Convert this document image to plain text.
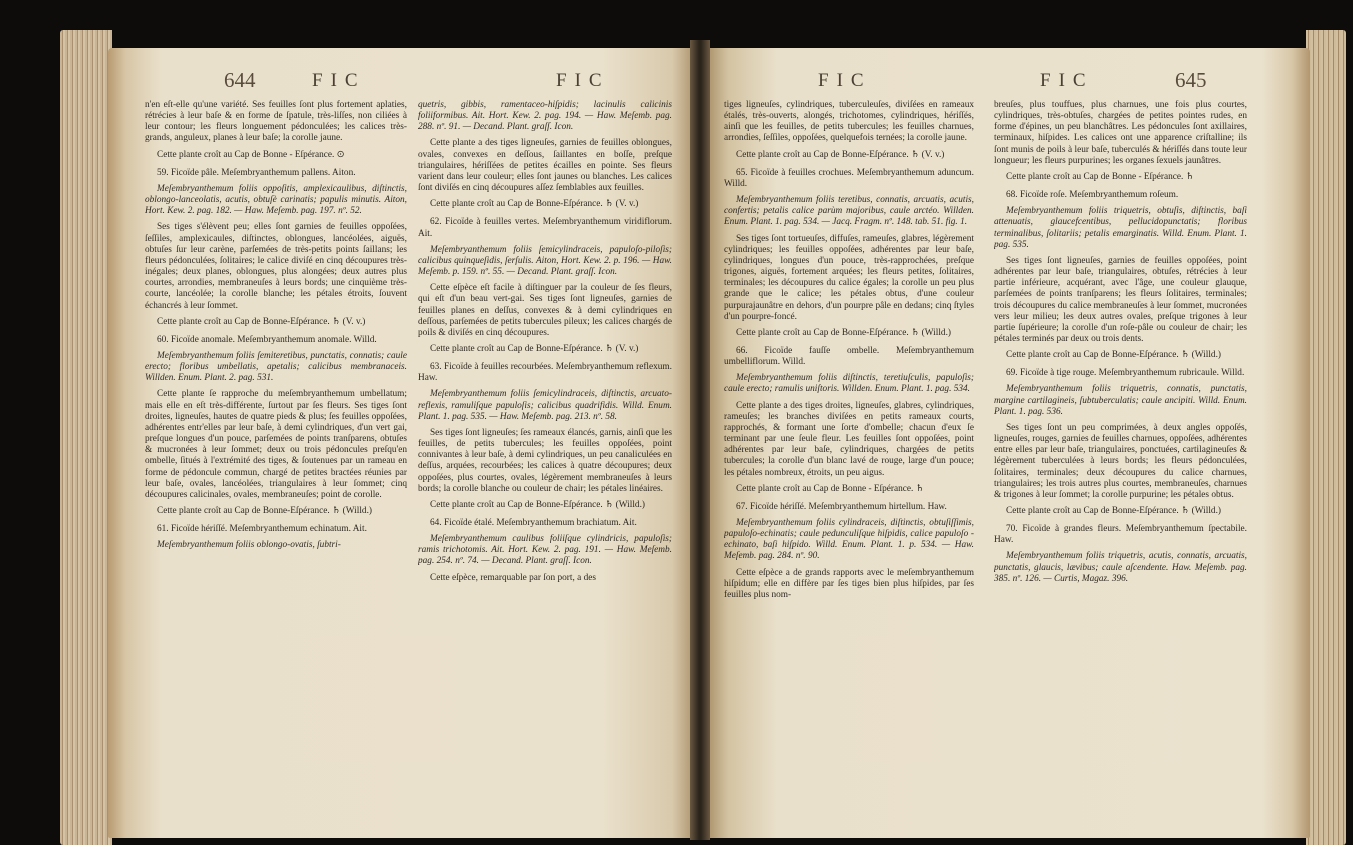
644	FIC	FIC	FIC	FIC	645

n'en eſt-elle qu'une variété. Ses feuilles ſont plus fortement aplaties, rétrécies à leur baſe & en forme de ſpatule, très-liſſes, non ciliées à leur contour; les fleurs longuement pédonculées; les calices très-grands, anguleux, planes à leur baſe; la corolle jaune.

Cette plante croît au Cap de Bonne - Eſpérance. ⊙

59. Ficoïde pâle. Meſembryanthemum pallens. Aiton.

Meſembryanthemum foliis oppoſitis, amplexicaulibus, diſtinctis, oblongo-lanceolatis, acutis, obtuſè carinatis; papulis minutis. Aiton, Hort. Kew. 2. pag. 182. — Haw. Meſemb. pag. 197. nº. 52.

Ses tiges s'élèvent peu; elles ſont garnies de feuilles oppoſées, ſeſſiles, amplexicaules, diſtinctes, oblongues, lancéolées, aiguës, obtuſes ſur leur carène, parſemées de très-petits points ſaillans; les fleurs pédonculées, ſolitaires; le calice diviſé en cinq découpures très-inégales; deux planes, oblongues, plus alongées; deux autres plus courtes, arrondies, membraneuſes à leurs bords; une cinquième très-courte, lancéolée; la corolle blanche; les pétales étroits, ſouvent échancrés à leur ſommet.

Cette plante croît au Cap de Bonne-Eſpérance. ♄ (V. v.)

60. Ficoïde anomale. Meſembryanthemum anomale. Willd.

Meſembryanthemum foliis ſemiteretibus, punctatis, connatis; caule erecto; floribus umbellatis, apetalis; calicibus membranaceis. Willden. Enum. Plant. 2. pag. 531.

Cette plante ſe rapproche du meſembryanthemum umbellatum; mais elle en eſt très-différente, ſurtout par ſes fleurs. Ses tiges ſont droites, ligneuſes, hautes de quatre pieds & plus; ſes feuilles oppoſées, adhérentes entr'elles par leur baſe, à demi cylindriques, d'un vert gai, preſque longues d'un pouce, parſemées de points tranſparens, obtuſes & mucronées à leur ſommet; deux ou trois pédoncules preſqu'en ombelle, ſitués à l'extrémité des tiges, & ſoutenues par un rameau en forme de pédoncule commun, chargé de petites bractées réunies par leur baſe, ovales, lancéolées, triangulaires à leur ſommet; cinq découpures calicinales, ovales, membraneuſes; point de corolle.

Cette plante croît au Cap de Bonne-Eſpérance. ♄ (Willd.)

61. Ficoïde hériſſé. Meſembryanthemum echinatum. Ait.

Meſembryanthemum foliis oblongo-ovatis, ſubtri-

quetris, gibbis, ramentaceo-hiſpidis; lacinulis calicinis foliiformibus. Ait. Hort. Kew. 2. pag. 194. — Haw. Meſemb. pag. 288. nº. 91. — Decand. Plant. graſſ. Icon.

Cette plante a des tiges ligneuſes, garnies de feuilles oblongues, ovales, convexes en deſſous, ſaillantes en boſſe, preſque triangulaires, hériſſées de petites écailles en pointe. Ses fleurs varient dans leur couleur; elles ſont jaunes ou blanches. Les calices ſont diviſés en cinq découpures aſſez ſemblables aux feuilles.

Cette plante croît au Cap de Bonne-Eſpérance. ♄ (V. v.)

62. Ficoïde à feuilles vertes. Meſembryanthemum viridiflorum. Ait.

Meſembryanthemum foliis ſemicylindraceis, papuloſo-piloſis; calicibus quinqueſidis, ſerſulis. Aiton, Hort. Kew. 2. p. 196. — Haw. Meſemb. p. 159. nº. 55. — Decand. Plant. graſſ. Icon.

Cette eſpèce eſt facile à diſtinguer par la couleur de ſes fleurs, qui eſt d'un beau vert-gai. Ses tiges ſont ligneuſes, garnies de feuilles planes en deſſus, convexes & à demi cylindriques en deſſous, parſemées de petits tubercules pileux; les calices chargés de poils & diviſés en cinq découpures.

Cette plante croît au Cap de Bonne-Eſpérance. ♄ (V. v.)

63. Ficoïde à feuilles recourbées. Meſembryanthemum reflexum. Haw.

Meſembryanthemum foliis ſemicylindraceis, diſtinctis, arcuato-reflexis, ramuliſque papuloſis; calicibus quadrifidis. Willd. Enum. Plant. 1. pag. 535. — Haw. Meſemb. pag. 213. nº. 58.

Ses tiges ſont ligneuſes; ſes rameaux élancés, garnis, ainſi que les feuilles, de petits tubercules; les feuilles oppoſées, point connivantes à leur baſe, à demi cylindriques, un peu canaliculées en deſſus, arquées, recourbées; les calices à quatre découpures; deux oppoſées, plus courtes, ovales, légèrement membraneuſes à leurs bords; la corolle blanche ou couleur de chair; les pétales linéaires.

Cette plante croît au Cap de Bonne-Eſpérance. ♄ (Willd.)

64. Ficoïde étalé. Meſembryanthemum brachiatum. Ait.

Meſembryanthemum caulibus foliiſque cylindricis, papuloſis; ramis trichotomis. Ait. Hort. Kew. 2. pag. 191. — Haw. Meſemb. pag. 254. nº. 74. — Decand. Plant. graſſ. Icon.

Cette eſpèce, remarquable par ſon port, a des

tiges ligneuſes, cylindriques, tuberculeuſes, diviſées en rameaux étalés, très-ouverts, alongés, trichotomes, cylindriques, hériſſés, ainſi que les feuilles, de petits tubercules; les feuilles charnues, arrondies, ſeſſiles, oppoſées, quelquefois ternées; la corolle jaune.

Cette plante croît au Cap de Bonne-Eſpérance. ♄ (V. v.)

65. Ficoïde à feuilles crochues. Meſembryanthemum aduncum. Willd.

Meſembryanthemum foliis teretibus, connatis, arcuatis, acutis, confertis; petalis calice parùm majoribus, caule arctéo. Willden. Enum. Plant. 1. pag. 534. — Jacq. Fragm. nº. 148. tab. 51. fig. 1.

Ses tiges ſont tortueuſes, diffuſes, rameuſes, glabres, légèrement cylindriques; les feuilles oppoſées, adhérentes par leur baſe, cylindriques, longues d'un pouce, très-rapprochées, preſque trigones, aiguës, fortement arquées; les fleurs petites, ſolitaires, terminales; les découpures du calice égales; la corolle un peu plus grande que le calice; les pétales obtus, d'une couleur purpurajaunâtre en dehors, d'un pourpre pâle en dedans; cinq ſtyles d'un pourpre-foncé.

Cette plante croît au Cap de Bonne-Eſpérance. ♄ (Willd.)

66. Ficoïde fauſſe ombelle. Meſembryanthemum umbelliflorum. Willd.

Meſembryanthemum foliis diſtinctis, teretiuſculis, papuloſis; caule erecto; ramulis uniſtoris. Willden. Enum. Plant. 1. pag. 534.

Cette plante a des tiges droites, ligneuſes, glabres, cylindriques, rameuſes; les branches diviſées en petits rameaux courts, rapprochés, & formant une ſorte d'ombelle; chacun d'eux ſe terminant par une ſeule fleur. Les feuilles ſont oppoſées, point adhérentes par leur baſe, cylindriques, chargées de petits tubercules; la corolle d'un blanc lavé de rouge, large d'un pouce; les pétales nombreux, étroits, un peu aigus.

Cette plante croît au Cap de Bonne - Eſpérance. ♄

67. Ficoïde hériſſé. Meſembryanthemum hirtellum. Haw.

Meſembryanthemum foliis cylindraceis, diſtinctis, obtuſiſſimis, papuloſo-echinatis; caule pedunculiſque hiſpidis, calice papuloſo - echinato, baſi hiſpido. Willd. Enum. Plant. 1. p. 534. — Haw. Meſemb. pag. 284. nº. 90.

Cette eſpèce a de grands rapports avec le meſembryanthemum hiſpidum; elle en diffère par ſes tiges bien plus hiſpides, par ſes feuilles plus nom-

breuſes, plus touffues, plus charnues, une fois plus courtes, cylindriques, très-obtuſes, chargées de petites pointes rudes, en forme d'épines, un peu blanchâtres. Les pédoncules ſont axillaires, terminaux, hiſpides. Les calices ont une apparence criſtalline; ils ſont munis de poils à leur baſe, tuberculés & hériſſés dans toute leur longueur; les fleurs purpurines; les organes ſexuels jaunâtres.

Cette plante croît au Cap de Bonne - Eſpérance. ♄

68. Ficoïde roſe. Meſembryanthemum roſeum.

Meſembryanthemum foliis triquetris, obtuſis, diſtinctis, baſi attenuatis, glaucefcentibus, pellucidopunctatis; floribus terminalibus, ſolitariis; petalis emarginatis. Willd. Enum. Plant. 1. pag. 535.

Ses tiges ſont ligneuſes, garnies de feuilles oppoſées, point adhérentes par leur baſe, triangulaires, obtuſes, rétrécies à leur partie inférieure, acquérant, avec l'âge, une couleur glauque, parſemées de points tranſparens; les fleurs ſolitaires, terminales; trois découpures du calice membraneuſes à leur ſommet, mucronées vers leur milieu; les deux autres ovales, preſque trigones à leur partie ſupérieure; la corolle d'un roſe-pâle ou couleur de chair; les pétales terminés par deux ou trois dents.

Cette plante croît au Cap de Bonne-Eſpérance. ♄ (Willd.)

69. Ficoïde à tige rouge. Meſembryanthemum rubricaule. Willd.

Meſembryanthemum foliis triquetris, connatis, punctatis, margine cartilagineis, ſubtuberculatis; caule ancipiti. Willd. Enum. Plant. 1. pag. 536.

Ses tiges ſont un peu comprimées, à deux angles oppoſés, ligneuſes, rouges, garnies de feuilles charnues, oppoſées, adhérentes entre elles par leur baſe, triangulaires, ponctuées, cartilagineuſes & légèrement tuberculées à leurs bords; les fleurs pédonculées, ſolitaires, terminales; deux découpures du calice charnues, triangulaires; les trois autres plus courtes, membraneuſes, charnues & trigones à leur ſommet; la corolle purpurine; les pétales obtus.

Cette plante croît au Cap de Bonne-Eſpérance. ♄ (Willd.)

70. Ficoïde à grandes fleurs. Meſembryanthemum ſpectabile. Haw.

Meſembryanthemum foliis triquetris, acutis, connatis, arcuatis, punctatis, glaucis, lævibus; caule aſcendente. Haw. Meſemb. pag. 385. nº. 126. — Curtis, Magaz. 396.
